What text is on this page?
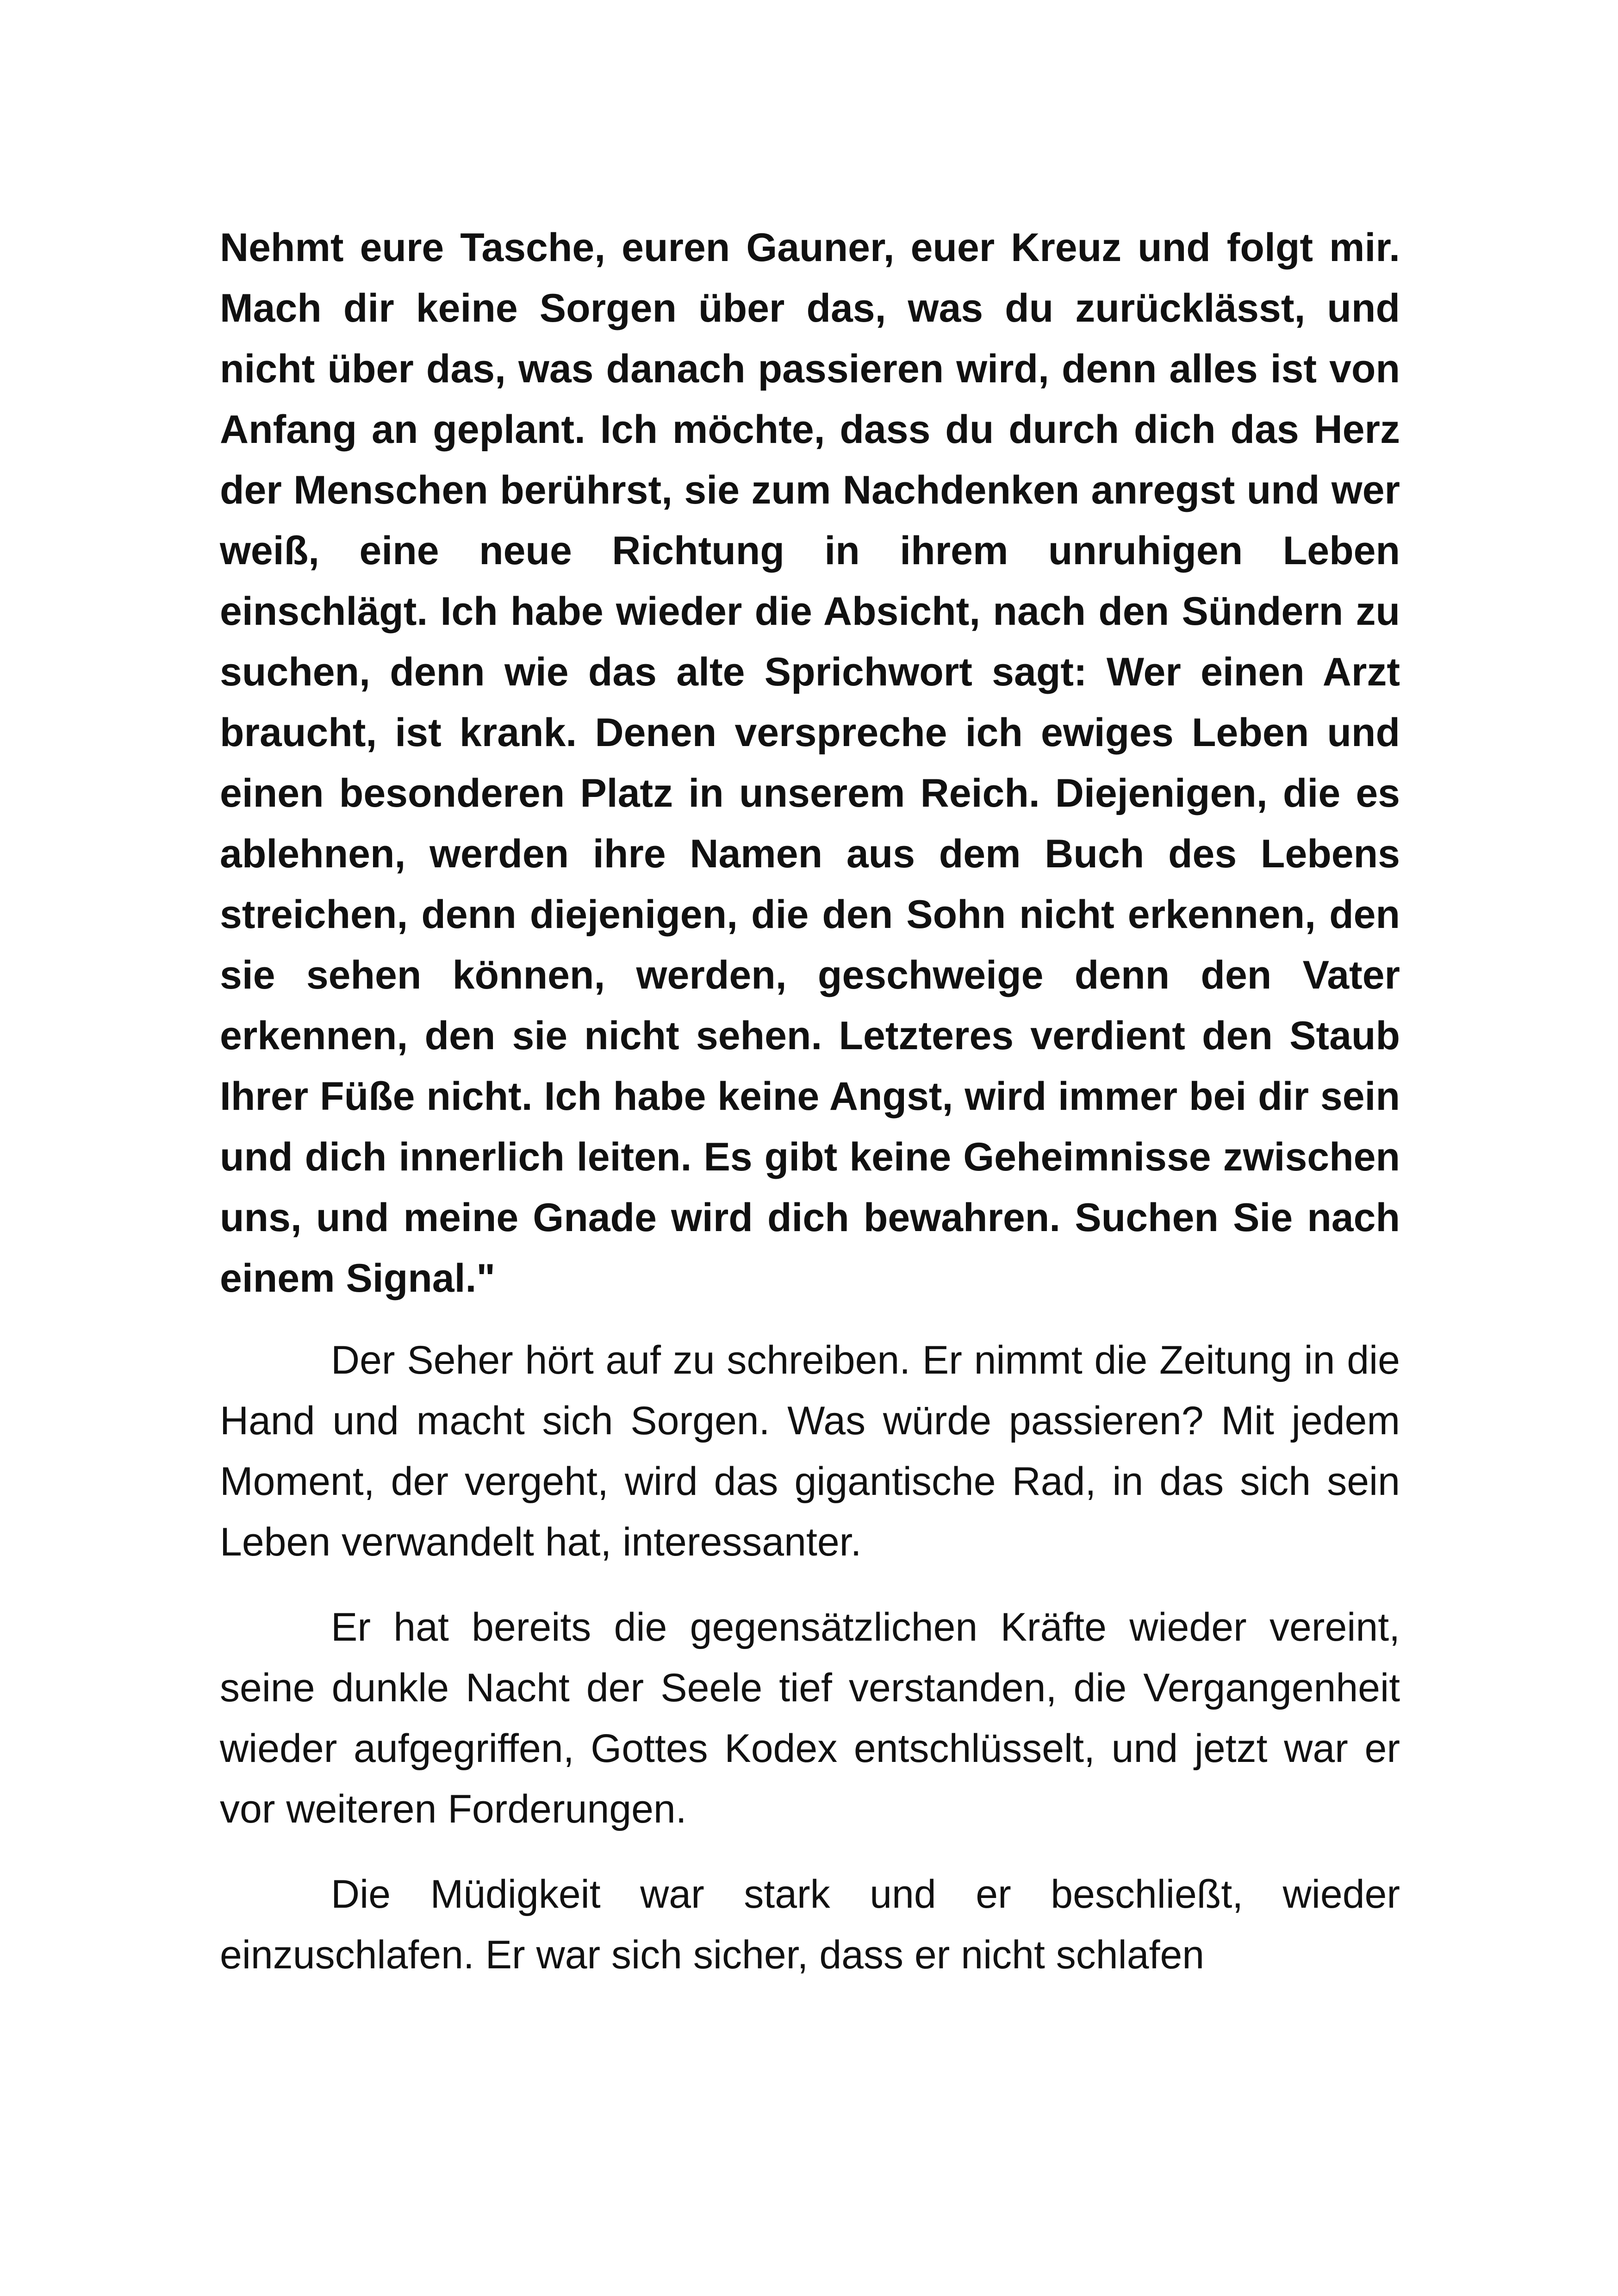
Nehmt eure Tasche, euren Gauner, euer Kreuz und folgt mir. Mach dir keine Sorgen über das, was du zurücklässt, und nicht über das, was danach passieren wird, denn alles ist von Anfang an geplant. Ich möchte, dass du durch dich das Herz der Menschen berührst, sie zum Nachdenken anregst und wer weiß, eine neue Richtung in ihrem unruhigen Leben einschlägt. Ich habe wieder die Absicht, nach den Sündern zu suchen, denn wie das alte Sprichwort sagt: Wer einen Arzt braucht, ist krank. Denen verspreche ich ewiges Leben und einen besonderen Platz in unserem Reich. Diejenigen, die es ablehnen, werden ihre Namen aus dem Buch des Lebens streichen, denn diejenigen, die den Sohn nicht erkennen, den sie sehen können, werden, geschweige denn den Vater erkennen, den sie nicht sehen. Letzteres verdient den Staub Ihrer Füße nicht. Ich habe keine Angst, wird immer bei dir sein und dich innerlich leiten. Es gibt keine Geheimnisse zwischen uns, und meine Gnade wird dich bewahren. Suchen Sie nach einem Signal."

Der Seher hört auf zu schreiben. Er nimmt die Zeitung in die Hand und macht sich Sorgen. Was würde passieren? Mit jedem Moment, der vergeht, wird das gigantische Rad, in das sich sein Leben verwandelt hat, interessanter.

Er hat bereits die gegensätzlichen Kräfte wieder vereint, seine dunkle Nacht der Seele tief verstanden, die Vergangenheit wieder aufgegriffen, Gottes Kodex entschlüsselt, und jetzt war er vor weiteren Forderungen.

Die Müdigkeit war stark und er beschließt, wieder einzuschlafen. Er war sich sicher, dass er nicht schlafen
